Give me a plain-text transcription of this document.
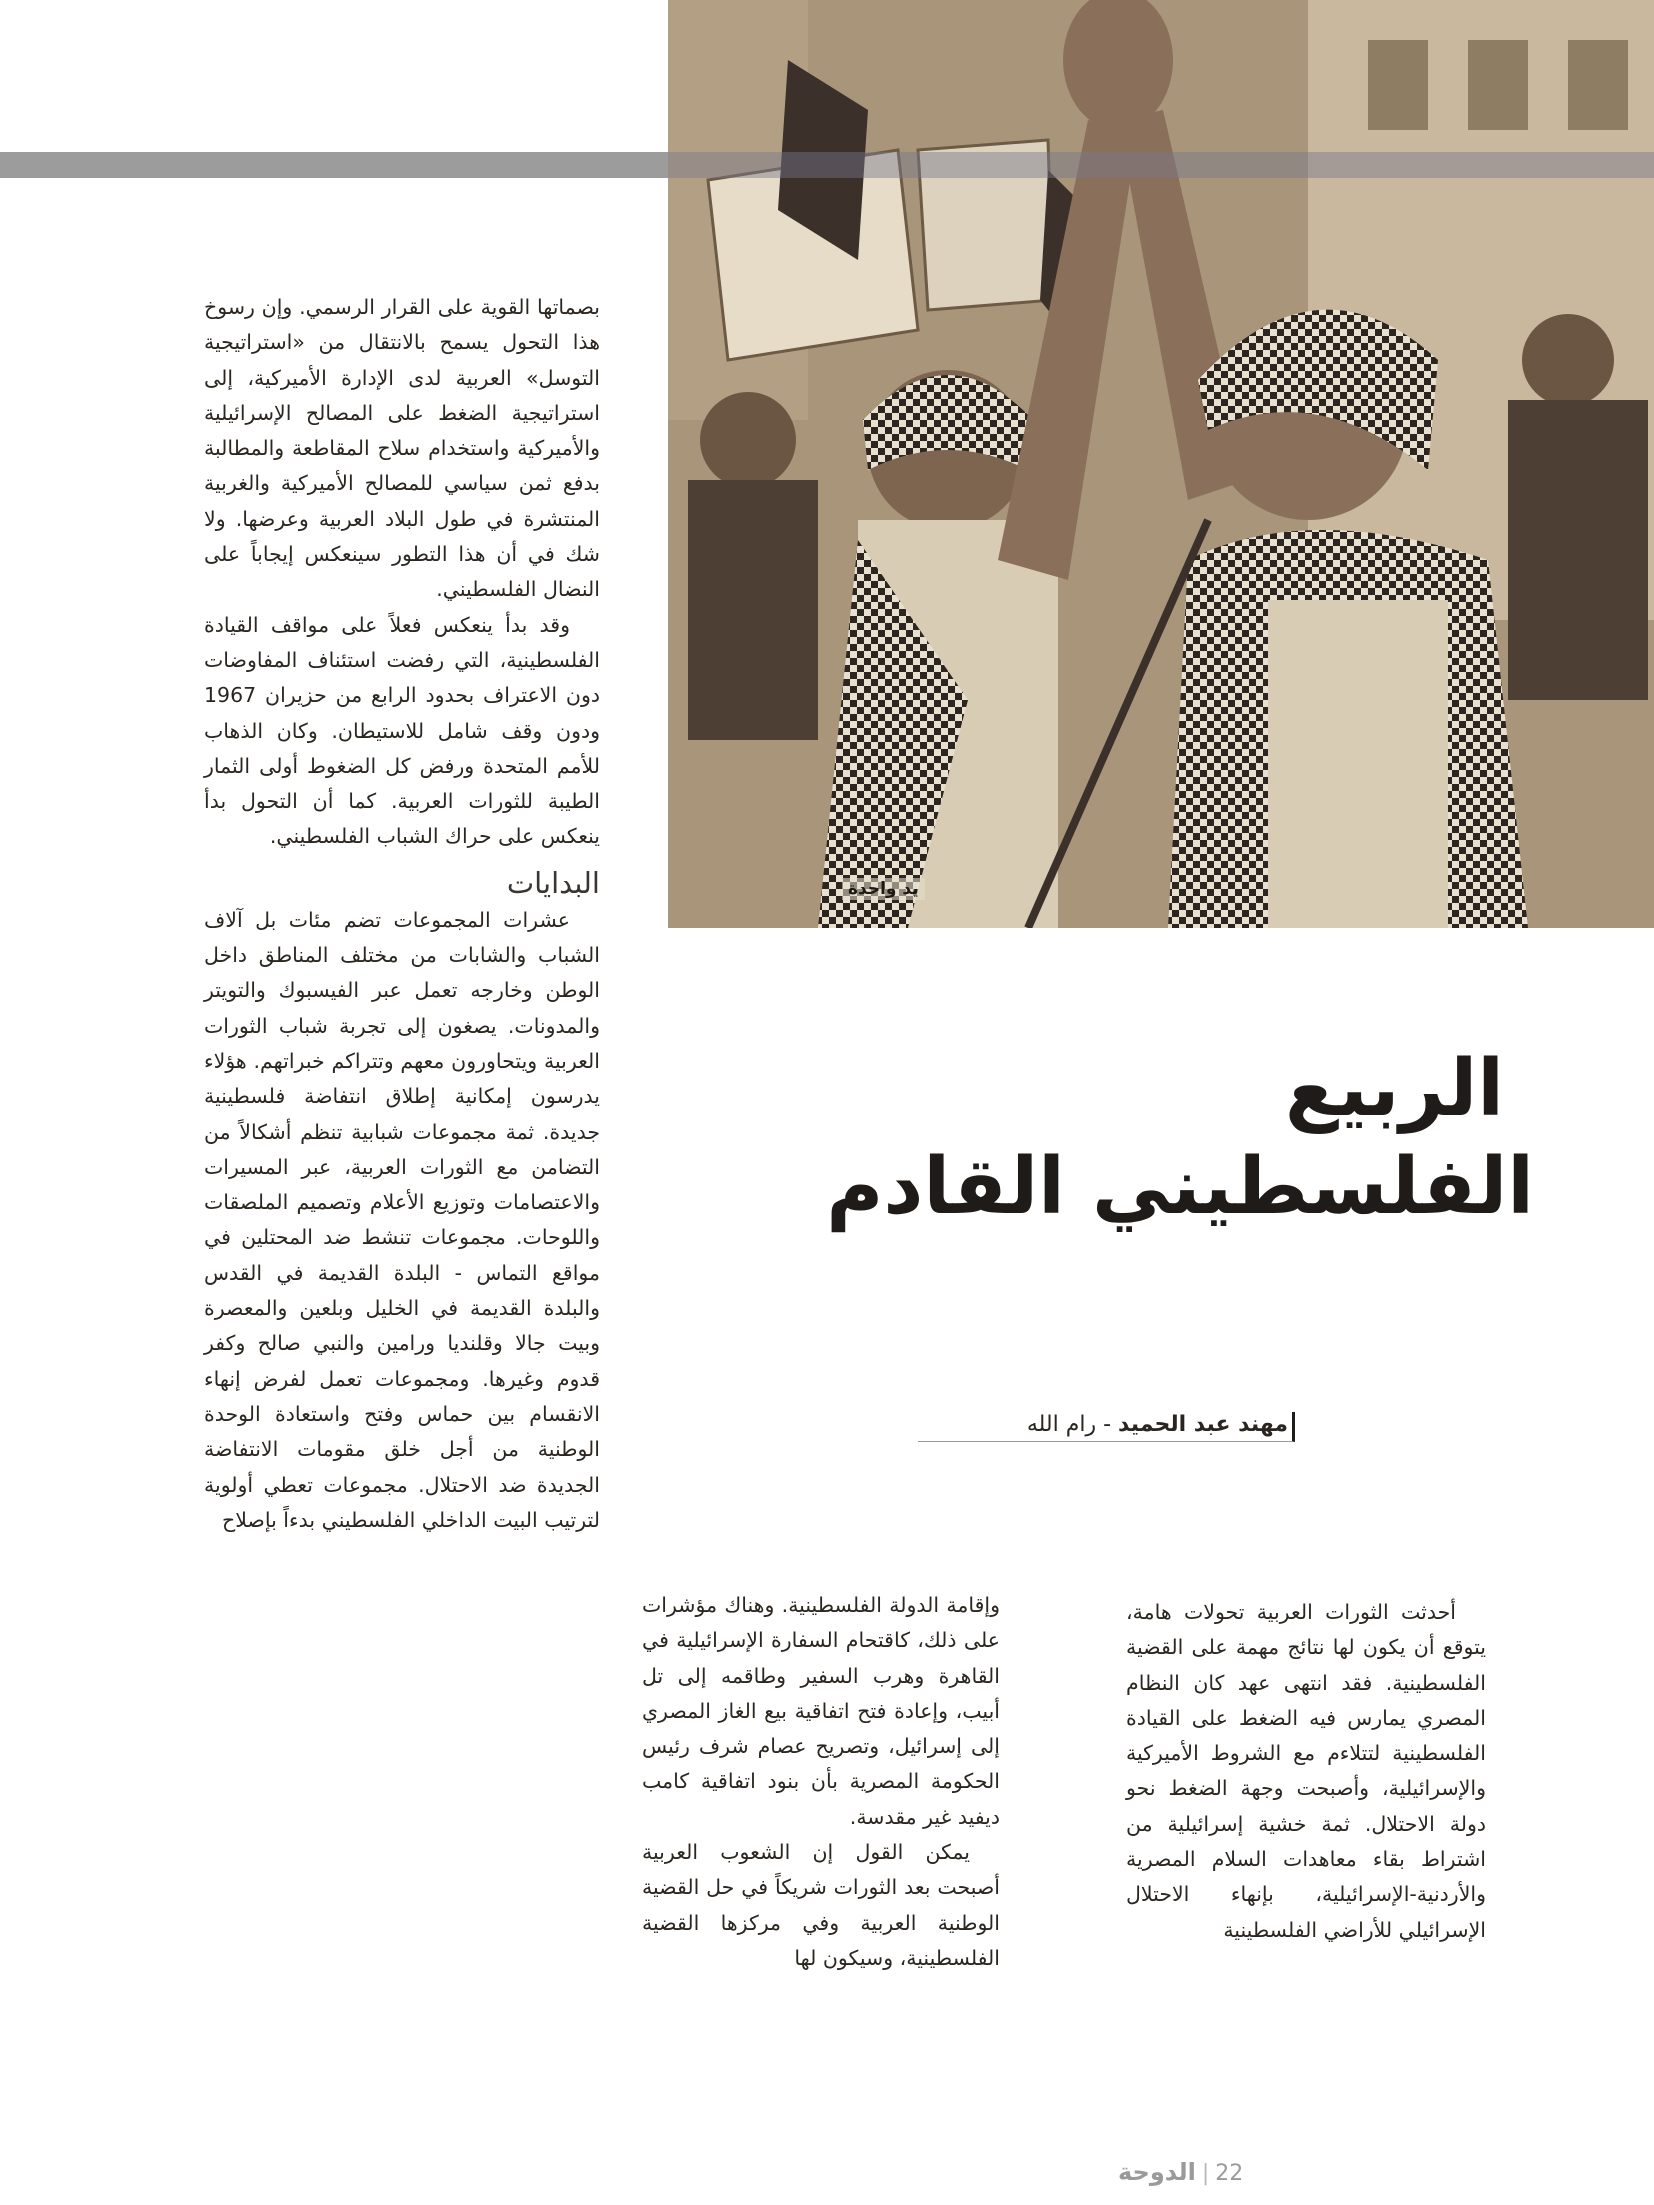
يد واحدة

بصماتها القوية على القرار الرسمي. وإن رسوخ هذا التحول يسمح بالانتقال من «استراتيجية التوسل» العربية لدى الإدارة الأميركية، إلى استراتيجية الضغط على المصالح الإسرائيلية والأميركية واستخدام سلاح المقاطعة والمطالبة بدفع ثمن سياسي للمصالح الأميركية والغربية المنتشرة في طول البلاد العربية وعرضها. ولا شك في أن هذا التطور سينعكس إيجاباً على النضال الفلسطيني.

وقد بدأ ينعكس فعلاً على مواقف القيادة الفلسطينية، التي رفضت استئناف المفاوضات دون الاعتراف بحدود الرابع من حزيران 1967 ودون وقف شامل للاستيطان. وكان الذهاب للأمم المتحدة ورفض كل الضغوط أولى الثمار الطيبة للثورات العربية. كما أن التحول بدأ ينعكس على حراك الشباب الفلسطيني.

البدايات

عشرات المجموعات تضم مئات بل آلاف الشباب والشابات من مختلف المناطق داخل الوطن وخارجه تعمل عبر الفيسبوك والتويتر والمدونات. يصغون إلى تجربة شباب الثورات العربية ويتحاورون معهم وتتراكم خبراتهم. هؤلاء يدرسون إمكانية إطلاق انتفاضة فلسطينية جديدة. ثمة مجموعات شبابية تنظم أشكالاً من التضامن مع الثورات العربية، عبر المسيرات والاعتصامات وتوزيع الأعلام وتصميم الملصقات واللوحات. مجموعات تنشط ضد المحتلين في مواقع التماس - البلدة القديمة في القدس والبلدة القديمة في الخليل وبلعين والمعصرة وبيت جالا وقلنديا ورامين والنبي صالح وكفر قدوم وغيرها. ومجموعات تعمل لفرض إنهاء الانقسام بين حماس وفتح واستعادة الوحدة الوطنية من أجل خلق مقومات الانتفاضة الجديدة ضد الاحتلال. مجموعات تعطي أولوية لترتيب البيت الداخلي الفلسطيني بدءاً بإصلاح

الربيع
الفلسطيني القادم
مهند عبد الحميد - رام الله

وإقامة الدولة الفلسطينية. وهناك مؤشرات على ذلك، كاقتحام السفارة الإسرائيلية في القاهرة وهرب السفير وطاقمه إلى تل أبيب، وإعادة فتح اتفاقية بيع الغاز المصري إلى إسرائيل، وتصريح عصام شرف رئيس الحكومة المصرية بأن بنود اتفاقية كامب ديفيد غير مقدسة.

يمكن القول إن الشعوب العربية أصبحت بعد الثورات شريكاً في حل القضية الوطنية العربية وفي مركزها القضية الفلسطينية، وسيكون لها

أحدثت الثورات العربية تحولات هامة، يتوقع أن يكون لها نتائج مهمة على القضية الفلسطينية. فقد انتهى عهد كان النظام المصري يمارس فيه الضغط على القيادة الفلسطينية لتتلاءم مع الشروط الأميركية والإسرائيلية، وأصبحت وجهة الضغط نحو دولة الاحتلال. ثمة خشية إسرائيلية من اشتراط بقاء معاهدات السلام المصرية والأردنية-الإسرائيلية، بإنهاء الاحتلال الإسرائيلي للأراضي الفلسطينية

22|الدوحة
